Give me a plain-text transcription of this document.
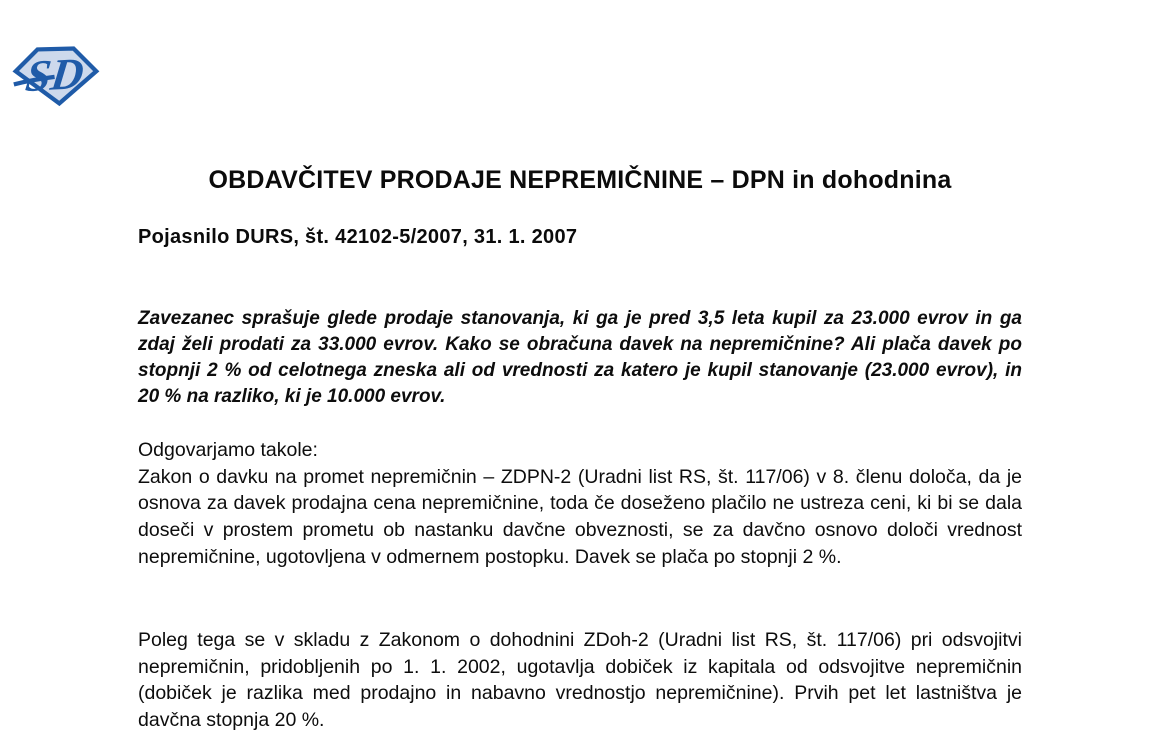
SD
OBDAVČITEV PRODAJE NEPREMIČNINE – DPN in dohodnina
Pojasnilo DURS, št. 42102-5/2007, 31. 1. 2007

Zavezanec sprašuje glede prodaje stanovanja, ki ga je pred 3,5 leta kupil za 23.000 evrov in ga zdaj želi prodati za 33.000 evrov. Kako se obračuna davek na nepremičnine? Ali plača davek po stopnji 2 % od celotnega zneska ali od vrednosti za katero je kupil stanovanje (23.000 evrov), in 20 % na razliko, ki je 10.000 evrov.

Odgovarjamo takole:

Zakon o davku na promet nepremičnin – ZDPN-2 (Uradni list RS, št. 117/06) v 8. členu določa, da je osnova za davek prodajna cena nepremičnine, toda če doseženo plačilo ne ustreza ceni, ki bi se dala doseči v prostem prometu ob nastanku davčne obveznosti, se za davčno osnovo določi vrednost nepremičnine, ugotovljena v odmernem postopku. Davek se plača po stopnji 2 %.

Poleg tega se v skladu z Zakonom o dohodnini ZDoh-2 (Uradni list RS, št. 117/06) pri odsvojitvi nepremičnin, pridobljenih po 1. 1. 2002, ugotavlja dobiček iz kapitala od odsvojitve nepremičnin (dobiček je razlika med prodajno in nabavno vrednostjo nepremičnine). Prvih pet let lastništva je davčna stopnja 20 %.
